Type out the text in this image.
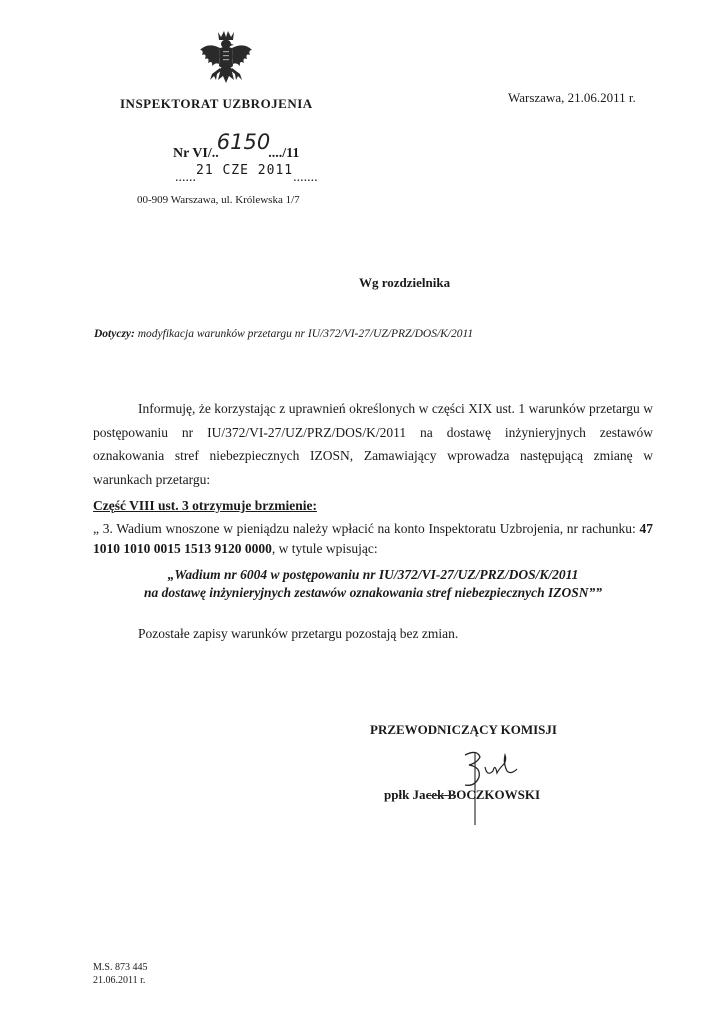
INSPEKTORAT UZBROJENIA	Warszawa, 21.06.2011 r.
Nr VI/..6150..../11
......21 CZE 2011.......
00-909 Warszawa, ul. Królewska 1/7
Wg rozdzielnika
Dotyczy: modyfikacja warunków przetargu nr IU/372/VI-27/UZ/PRZ/DOS/K/2011
Informuję, że korzystając z uprawnień określonych w części XIX ust. 1 warunków przetargu w postępowaniu nr IU/372/VI-27/UZ/PRZ/DOS/K/2011 na dostawę inżynieryjnych zestawów oznakowania stref niebezpiecznych IZOSN, Zamawiający wprowadza następującą zmianę w warunkach przetargu:
Część VIII ust. 3 otrzymuje brzmienie:
„ 3. Wadium wnoszone w pieniądzu należy wpłacić na konto Inspektoratu Uzbrojenia, nr rachunku: 47 1010 1010 0015 1513 9120 0000, w tytule wpisując:
„Wadium nr 6004 w postępowaniu nr IU/372/VI-27/UZ/PRZ/DOS/K/2011
na dostawę inżynieryjnych zestawów oznakowania stref niebezpiecznych IZOSN””
Pozostałe zapisy warunków przetargu pozostają bez zmian.
PRZEWODNICZĄCY KOMISJI
ppłk Jacek BOCZKOWSKI
M.S. 873 445
21.06.2011 r.
